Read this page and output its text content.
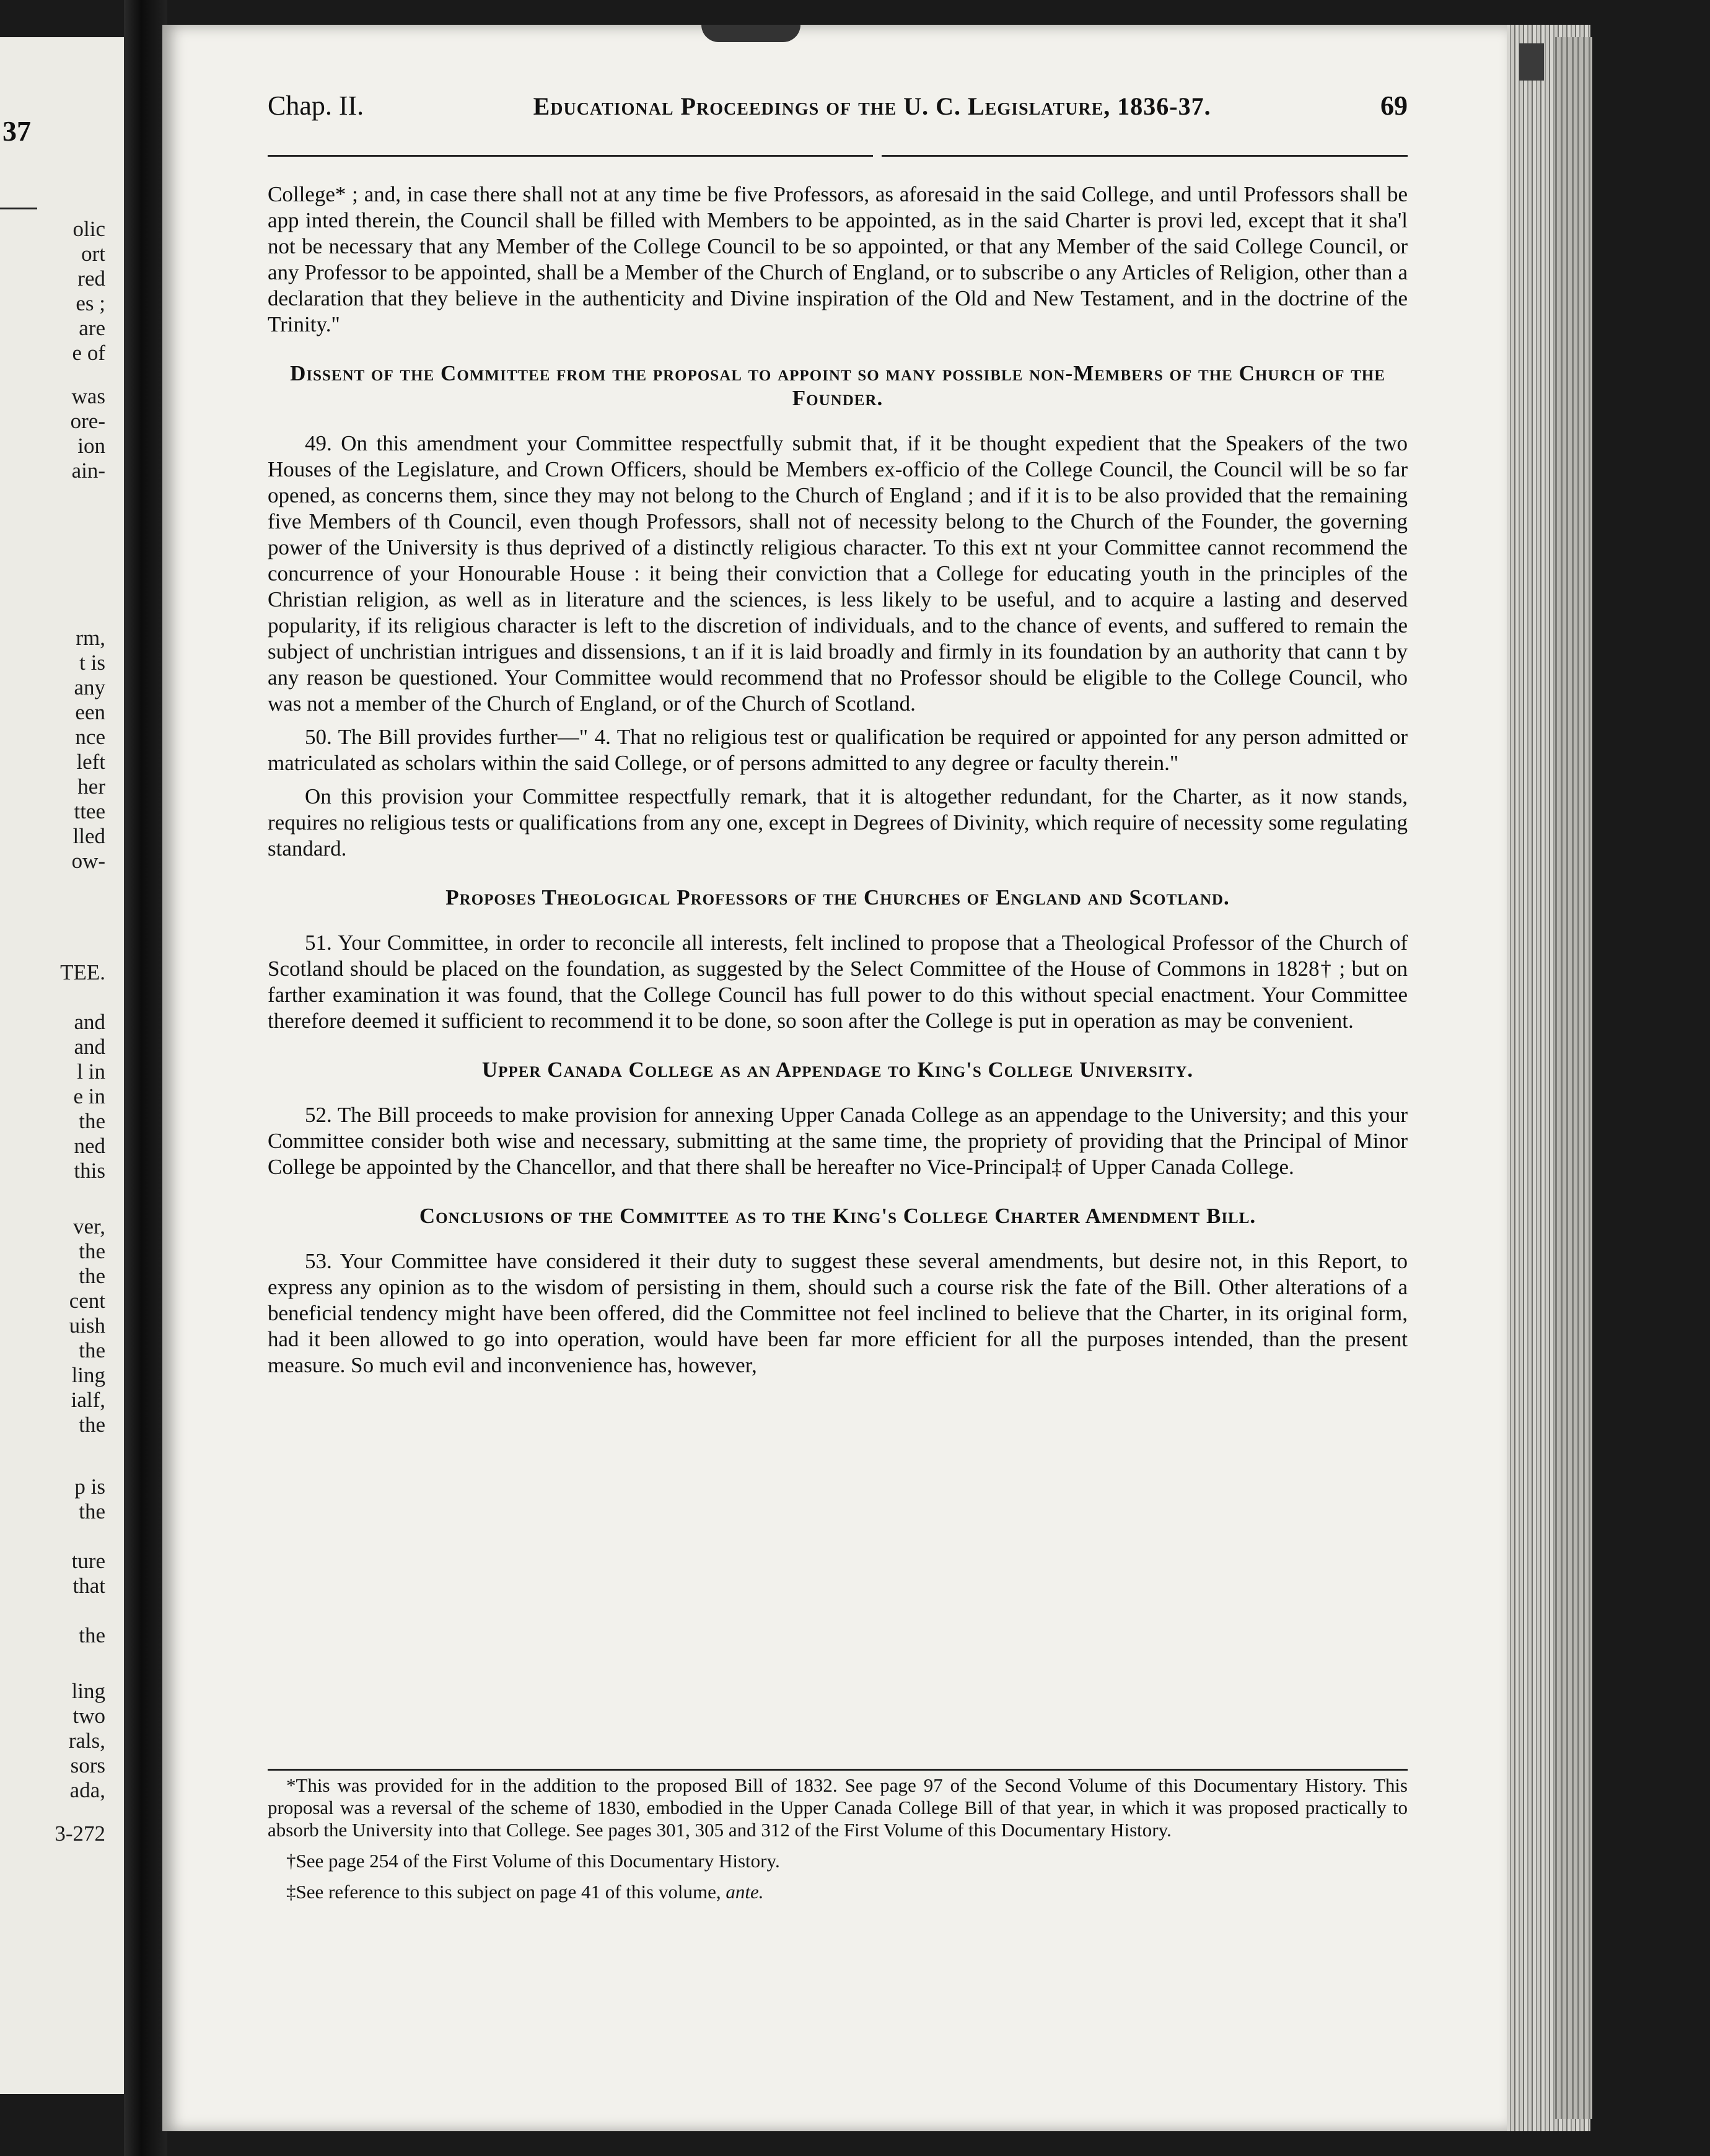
37
olic
ort
red
es ;
are
e of
was
ore-
ion
ain-
rm,
t is
any
een
nce
left
her
ttee
lled
ow-
TEE.
and
and
l in
e in
the
ned
this
ver,
the
the
cent
uish
the
ling
ialf,
the
p is
the
ture
that
the
ling
two
rals,
sors
ada,
3-272
Chap. II.	Educational Proceedings of the U. C. Legislature, 1836-37.	69

College* ; and, in case there shall not at any time be five Professors, as aforesaid in the said College, and until Professors shall be app inted therein, the Council shall be filled with Members to be appointed, as in the said Charter is provi led, except that it sha'l not be necessary that any Member of the College Council to be so appointed, or that any Member of the said College Council, or any Professor to be appointed, shall be a Member of the Church of England, or to subscribe o any Articles of Religion, other than a declaration that they believe in the authenticity and Divine inspiration of the Old and New Testament, and in the doctrine of the Trinity."

Dissent of the Committee from the proposal to appoint so many possible non-Members of the Church of the Founder.

49. On this amendment your Committee respectfully submit that, if it be thought expedient that the Speakers of the two Houses of the Legislature, and Crown Officers, should be Members ex-officio of the College Council, the Council will be so far opened, as concerns them, since they may not belong to the Church of England ; and if it is to be also provided that the remaining five Members of th Council, even though Professors, shall not of necessity belong to the Church of the Founder, the governing power of the University is thus deprived of a distinctly religious character. To this ext nt your Committee cannot recommend the concurrence of your Honourable House : it being their conviction that a College for educating youth in the principles of the Christian religion, as well as in literature and the sciences, is less likely to be useful, and to acquire a lasting and deserved popularity, if its religious character is left to the discretion of individuals, and to the chance of events, and suffered to remain the subject of unchristian intrigues and dissensions, t an if it is laid broadly and firmly in its foundation by an authority that cann t by any reason be questioned. Your Committee would recommend that no Professor should be eligible to the College Council, who was not a member of the Church of England, or of the Church of Scotland.

50. The Bill provides further—" 4. That no religious test or qualification be required or appointed for any person admitted or matriculated as scholars within the said College, or of persons admitted to any degree or faculty therein."

On this provision your Committee respectfully remark, that it is altogether redundant, for the Charter, as it now stands, requires no religious tests or qualifications from any one, except in Degrees of Divinity, which require of necessity some regulating standard.

Proposes Theological Professors of the Churches of England and Scotland.

51. Your Committee, in order to reconcile all interests, felt inclined to propose that a Theological Professor of the Church of Scotland should be placed on the foundation, as suggested by the Select Committee of the House of Commons in 1828† ; but on farther examination it was found, that the College Council has full power to do this without special enactment. Your Committee therefore deemed it sufficient to recommend it to be done, so soon after the College is put in operation as may be convenient.

Upper Canada College as an Appendage to King's College University.

52. The Bill proceeds to make provision for annexing Upper Canada College as an appendage to the University; and this your Committee consider both wise and necessary, submitting at the same time, the propriety of providing that the Principal of Minor College be appointed by the Chancellor, and that there shall be hereafter no Vice-Principal‡ of Upper Canada College.

Conclusions of the Committee as to the King's College Charter Amendment Bill.

53. Your Committee have considered it their duty to suggest these several amendments, but desire not, in this Report, to express any opinion as to the wisdom of persisting in them, should such a course risk the fate of the Bill. Other alterations of a beneficial tendency might have been offered, did the Committee not feel inclined to believe that the Charter, in its original form, had it been allowed to go into operation, would have been far more efficient for all the purposes intended, than the present measure. So much evil and inconvenience has, however,

*This was provided for in the addition to the proposed Bill of 1832. See page 97 of the Second Volume of this Documentary History. This proposal was a reversal of the scheme of 1830, embodied in the Upper Canada College Bill of that year, in which it was proposed practically to absorb the University into that College. See pages 301, 305 and 312 of the First Volume of this Documentary History.

†See page 254 of the First Volume of this Documentary History.

‡See reference to this subject on page 41 of this volume, ante.
